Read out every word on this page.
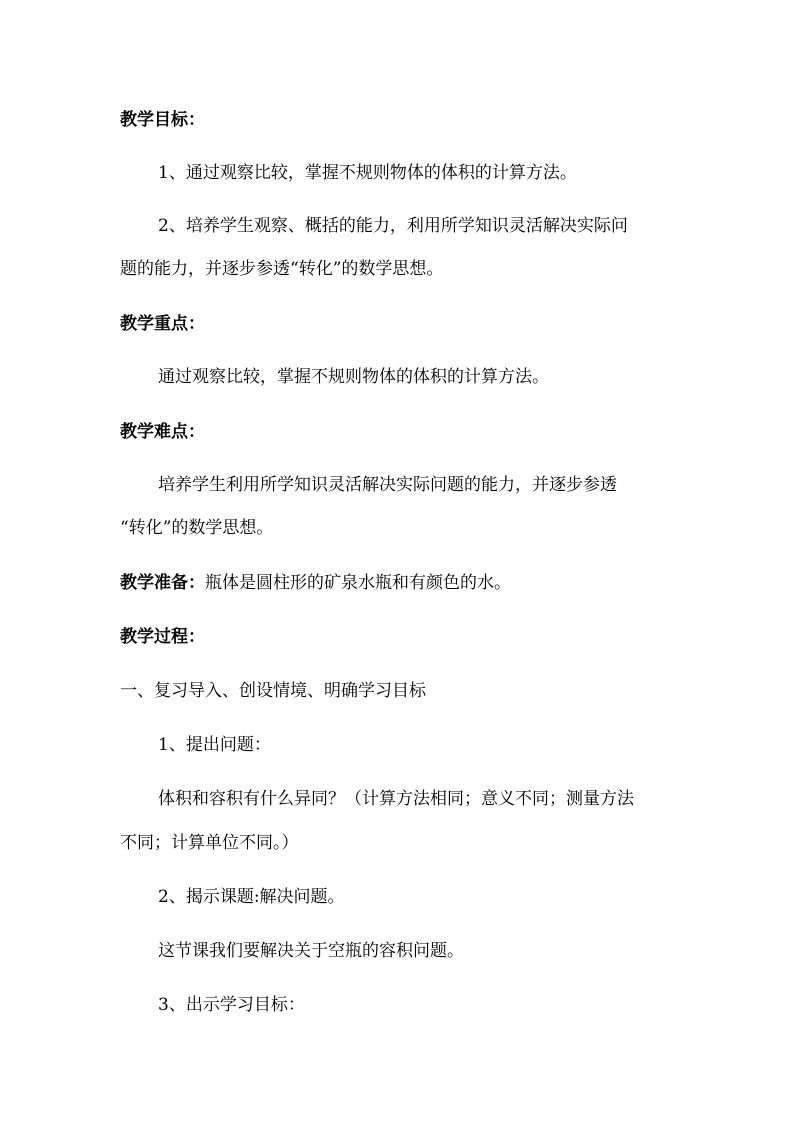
教学目标：
1、通过观察比较，掌握不规则物体的体积的计算方法。
2、培养学生观察、概括的能力，利用所学知识灵活解决实际问
题的能力，并逐步参透“转化”的数学思想。
教学重点：
通过观察比较，掌握不规则物体的体积的计算方法。
教学难点：
培养学生利用所学知识灵活解决实际问题的能力，并逐步参透
“转化”的数学思想。
教学准备：瓶体是圆柱形的矿泉水瓶和有颜色的水。
教学过程：
一、复习导入、创设情境、明确学习目标
1、提出问题：
体积和容积有什么异同？（计算方法相同；意义不同；测量方法
不同；计算单位不同。）
2、揭示课题:解决问题。
这节课我们要解决关于空瓶的容积问题。
3、出示学习目标：
